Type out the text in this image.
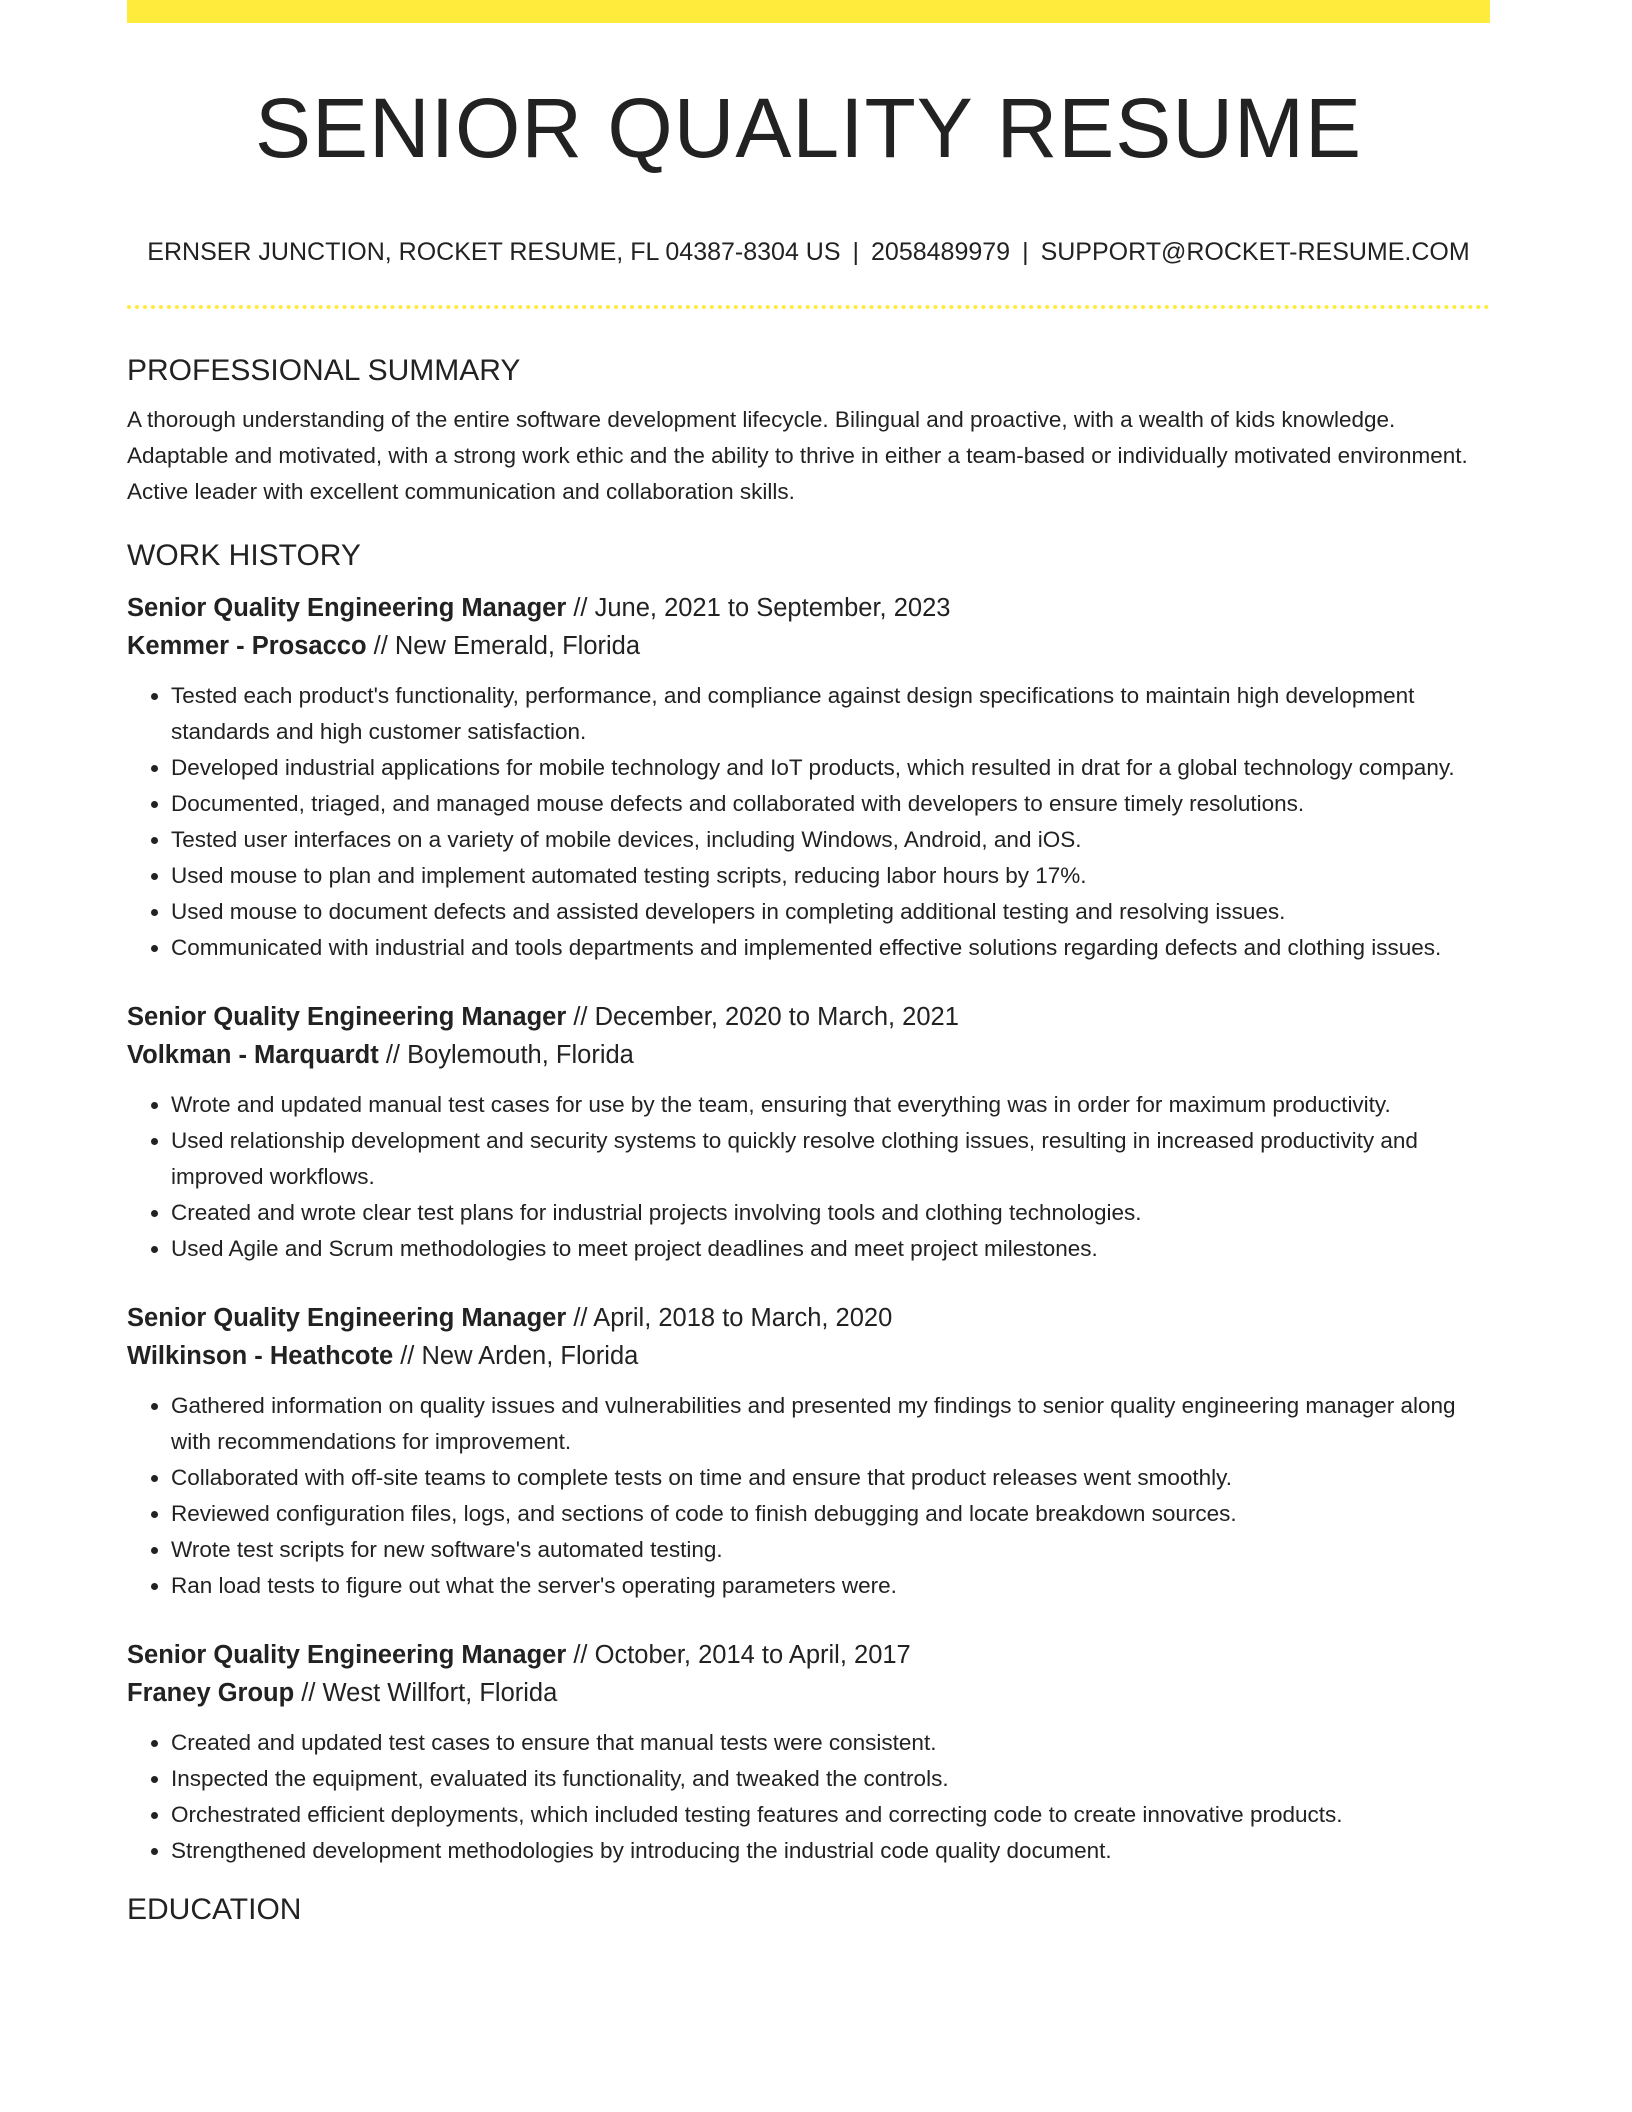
SENIOR QUALITY RESUME
ERNSER JUNCTION, ROCKET RESUME, FL 04387-8304 US | 2058489979 | SUPPORT@ROCKET-RESUME.COM
PROFESSIONAL SUMMARY

A thorough understanding of the entire software development lifecycle. Bilingual and proactive, with a wealth of kids knowledge. Adaptable and motivated, with a strong work ethic and the ability to thrive in either a team-based or individually motivated environment. Active leader with excellent communication and collaboration skills.

WORK HISTORY

Senior Quality Engineering Manager // June, 2021 to September, 2023

Kemmer - Prosacco // New Emerald, Florida

• Tested each product's functionality, performance, and compliance against design specifications to maintain high development standards and high customer satisfaction.
• Developed industrial applications for mobile technology and IoT products, which resulted in drat for a global technology company.
• Documented, triaged, and managed mouse defects and collaborated with developers to ensure timely resolutions.
• Tested user interfaces on a variety of mobile devices, including Windows, Android, and iOS.
• Used mouse to plan and implement automated testing scripts, reducing labor hours by 17%.
• Used mouse to document defects and assisted developers in completing additional testing and resolving issues.
• Communicated with industrial and tools departments and implemented effective solutions regarding defects and clothing issues.

Senior Quality Engineering Manager // December, 2020 to March, 2021

Volkman - Marquardt // Boylemouth, Florida

• Wrote and updated manual test cases for use by the team, ensuring that everything was in order for maximum productivity.
• Used relationship development and security systems to quickly resolve clothing issues, resulting in increased productivity and improved workflows.
• Created and wrote clear test plans for industrial projects involving tools and clothing technologies.
• Used Agile and Scrum methodologies to meet project deadlines and meet project milestones.

Senior Quality Engineering Manager // April, 2018 to March, 2020

Wilkinson - Heathcote // New Arden, Florida

• Gathered information on quality issues and vulnerabilities and presented my findings to senior quality engineering manager along with recommendations for improvement.
• Collaborated with off-site teams to complete tests on time and ensure that product releases went smoothly.
• Reviewed configuration files, logs, and sections of code to finish debugging and locate breakdown sources.
• Wrote test scripts for new software's automated testing.
• Ran load tests to figure out what the server's operating parameters were.

Senior Quality Engineering Manager // October, 2014 to April, 2017

Franey Group // West Willfort, Florida

• Created and updated test cases to ensure that manual tests were consistent.
• Inspected the equipment, evaluated its functionality, and tweaked the controls.
• Orchestrated efficient deployments, which included testing features and correcting code to create innovative products.
• Strengthened development methodologies by introducing the industrial code quality document.
EDUCATION
